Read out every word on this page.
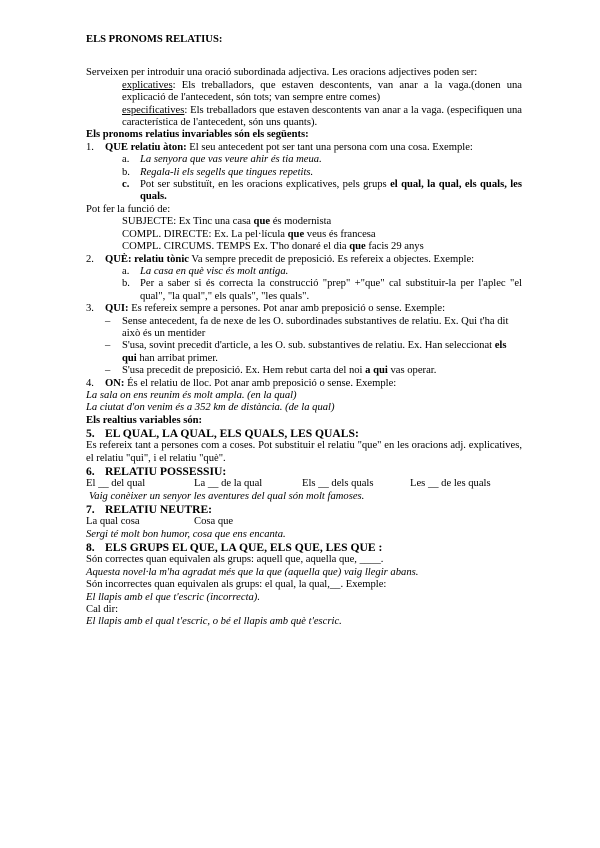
ELS PRONOMS RELATIUS:

Serveixen per introduir una oració subordinada adjectiva. Les oracions adjectives poden ser:

explicatives: Els treballadors, que estaven descontents, van anar a la vaga.(donen una explicació de l'antecedent, són tots; van sempre entre comes)

especificatives: Els treballadors que estaven descontents van anar a la vaga. (especifiquen una característica de l'antecedent, són uns quants).

Els pronoms relatius invariables són els següents:

1.	QUE relatiu àton: El seu antecedent pot ser tant una persona com una cosa. Exemple:

a. La senyora que vas veure ahir és tia meua.
b. Regala-li els segells que tingues repetits.
c. Pot ser substituït, en les oracions explicatives, pels grups el qual, la qual, els quals, les quals.

Pot fer la funció de:

SUBJECTE: Ex Tinc una casa que és modernista

COMPL. DIRECTE: Ex. La pel·lícula que veus és francesa

COMPL. CIRCUMS. TEMPS Ex. T'ho donaré el dia que facis 29 anys

2.	QUÈ: relatiu tònic Va sempre precedit de preposició. Es refereix a objectes. Exemple:

a. La casa en què visc és molt antiga.
b. Per a saber si és correcta la construcció "prep" +"que" cal substituir-la per l'aplec "el qual", "la qual"," els quals", "les quals".
3.	QUI: Es refereix sempre a persones. Pot anar amb preposició o sense. Exemple:

– Sense antecedent, fa de nexe de les O. subordinades substantives de relatiu. Ex. Qui t'ha dit això és un mentider
– S'usa, sovint precedit d'article, a les O. sub. substantives de relatiu. Ex. Han seleccionat els qui han arribat primer.
– S'usa precedit de preposició. Ex. Hem rebut carta del noi a qui vas operar.
4.	ON: És el relatiu de lloc. Pot anar amb preposició o sense. Exemple:

La sala on ens reunim és molt ampla. (en la qual)

La ciutat d'on venim és a 352 km de distància. (de la qual)

Els realtius variables són:

5. EL QUAL, LA QUAL, ELS QUALS, LES QUALS:

Es refereix tant a persones com a coses. Pot substituir el relatiu "que" en les oracions adj. explicatives, el relatiu "qui", i el relatiu "què".

6. RELATIU POSSESSIU:

El __ del qual	La __ de la qual	Els __ dels quals	Les __ de les quals

Vaig conèixer un senyor les aventures del qual són molt famoses.

7. RELATIU NEUTRE:

La qual cosa	Cosa que

Sergi té molt bon humor, cosa que ens encanta.

8. ELS GRUPS EL QUE, LA QUE, ELS QUE, LES QUE :

Són correctes quan equivalen als grups: aquell que, aquella que, ____.

Aquesta novel·la m'ha agradat més que la que (aquella que) vaig llegir abans.

Són incorrectes quan equivalen als grups: el qual, la qual,__. Exemple:

El llapis amb el que t'escric (incorrecta).

Cal dir:

El llapis amb el qual t'escric, o bé el llapis amb què t'escric.
